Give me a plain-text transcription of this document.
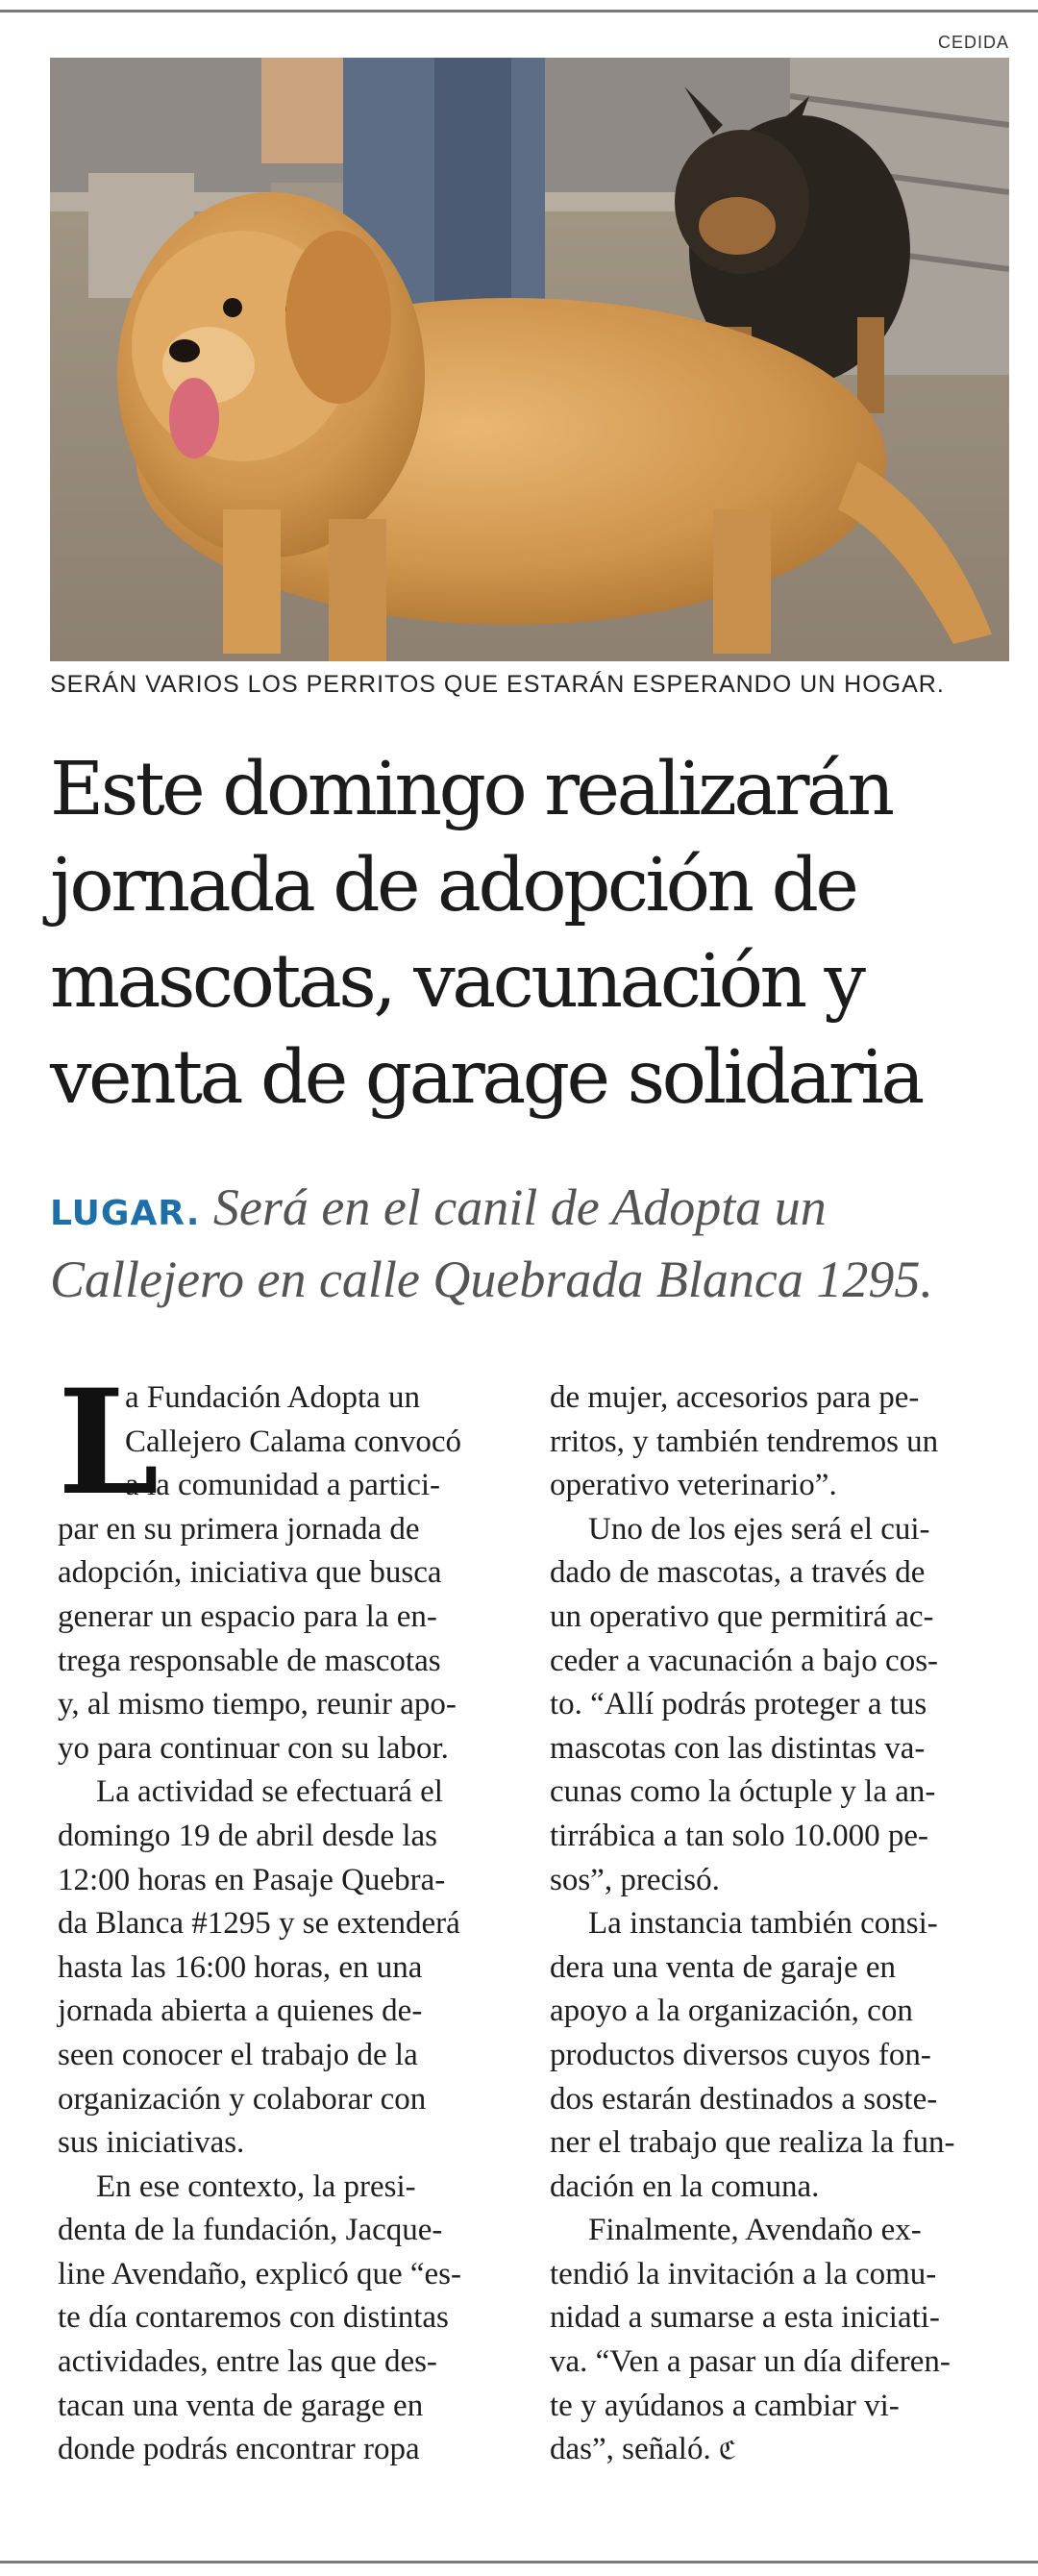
CEDIDA
SERÁN VARIOS LOS PERRITOS QUE ESTARÁN ESPERANDO UN HOGAR.
Este domingo realizarán
jornada de adopción de
mascotas, vacunación y
venta de garage solidaria
LUGAR. Será en el canil de Adopta un
Callejero en calle Quebrada Blanca 1295.
L
a Fundación Adopta un
Callejero Calama convocó
a la comunidad a partici-
par en su primera jornada de
adopción, iniciativa que busca
generar un espacio para la en-
trega responsable de mascotas
y, al mismo tiempo, reunir apo-
yo para continuar con su labor.
La actividad se efectuará el
domingo 19 de abril desde las
12:00 horas en Pasaje Quebra-
da Blanca #1295 y se extenderá
hasta las 16:00 horas, en una
jornada abierta a quienes de-
seen conocer el trabajo de la
organización y colaborar con
sus iniciativas.
En ese contexto, la presi-
denta de la fundación, Jacque-
line Avendaño, explicó que “es-
te día contaremos con distintas
actividades, entre las que des-
tacan una venta de garage en
donde podrás encontrar ropa
de mujer, accesorios para pe-
rritos, y también tendremos un
operativo veterinario”.
Uno de los ejes será el cui-
dado de mascotas, a través de
un operativo que permitirá ac-
ceder a vacunación a bajo cos-
to. “Allí podrás proteger a tus
mascotas con las distintas va-
cunas como la óctuple y la an-
tirrábica a tan solo 10.000 pe-
sos”, precisó.
La instancia también consi-
dera una venta de garaje en
apoyo a la organización, con
productos diversos cuyos fon-
dos estarán destinados a soste-
ner el trabajo que realiza la fun-
dación en la comuna.
Finalmente, Avendaño ex-
tendió la invitación a la comu-
nidad a sumarse a esta iniciati-
va. “Ven a pasar un día diferen-
te y ayúdanos a cambiar vi-
das”, señaló. ℭ
